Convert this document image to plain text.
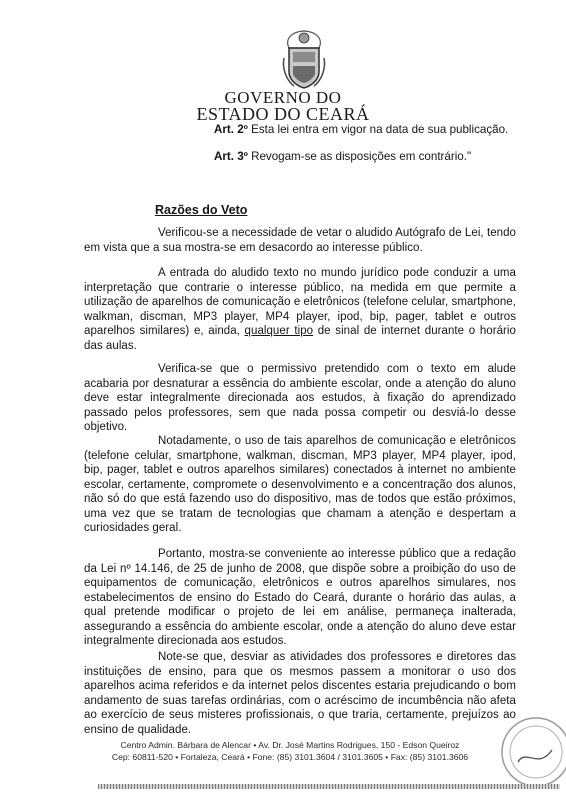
GOVERNO DO
ESTADO DO CEARÁ
Art. 2º Esta lei entra em vigor na data de sua publicação.
Art. 3º Revogam-se as disposições em contrário."
Razões do Veto

Verificou-se a necessidade de vetar o aludido Autógrafo de Lei, tendo em vista que a sua mostra-se em desacordo ao interesse público.

A entrada do aludido texto no mundo jurídico pode conduzir a uma interpretação que contrarie o interesse público, na medida em que permite a utilização de aparelhos de comunicação e eletrônicos (telefone celular, smartphone, walkman, discman, MP3 player, MP4 player, ipod, bip, pager, tablet e outros aparelhos similares) e, ainda, qualquer tipo de sinal de internet durante o horário das aulas.

Verifica-se que o permissivo pretendido com o texto em alude acabaria por desnaturar a essência do ambiente escolar, onde a atenção do aluno deve estar integralmente direcionada aos estudos, à fixação do aprendizado passado pelos professores, sem que nada possa competir ou desviá-lo desse objetivo.

Notadamente, o uso de tais aparelhos de comunicação e eletrônicos (telefone celular, smartphone, walkman, discman, MP3 player, MP4 player, ipod, bip, pager, tablet e outros aparelhos similares) conectados à internet no ambiente escolar, certamente, compromete o desenvolvimento e a concentração dos alunos, não só do que está fazendo uso do dispositivo, mas de todos que estão próximos, uma vez que se tratam de tecnologias que chamam a atenção e despertam a curiosidades geral.

Portanto, mostra-se conveniente ao interesse público que a redação da Lei nº 14.146, de 25 de junho de 2008, que dispõe sobre a proibição do uso de equipamentos de comunicação, eletrônicos e outros aparelhos simulares, nos estabelecimentos de ensino do Estado do Ceará, durante o horário das aulas, a qual pretende modificar o projeto de lei em análise, permaneça inalterada, assegurando a essência do ambiente escolar, onde a atenção do aluno deve estar integralmente direcionada aos estudos.

Note-se que, desviar as atividades dos professores e diretores das instituições de ensino, para que os mesmos passem a monitorar o uso dos aparelhos acima referidos e da internet pelos discentes estaria prejudicando o bom andamento de suas tarefas ordinárias, com o acréscimo de incumbência não afeta ao exercício de seus misteres profissionais, o que traria, certamente, prejuízos ao ensino de qualidade.

Centro Admin. Bárbara de Alencar • Av. Dr. José Martins Rodrigues, 150 - Edson Queiroz
Cep: 60811-520 • Fortaleza, Ceará • Fone: (85) 3101.3604 / 3101.3605 • Fax: (85) 3101.3606
